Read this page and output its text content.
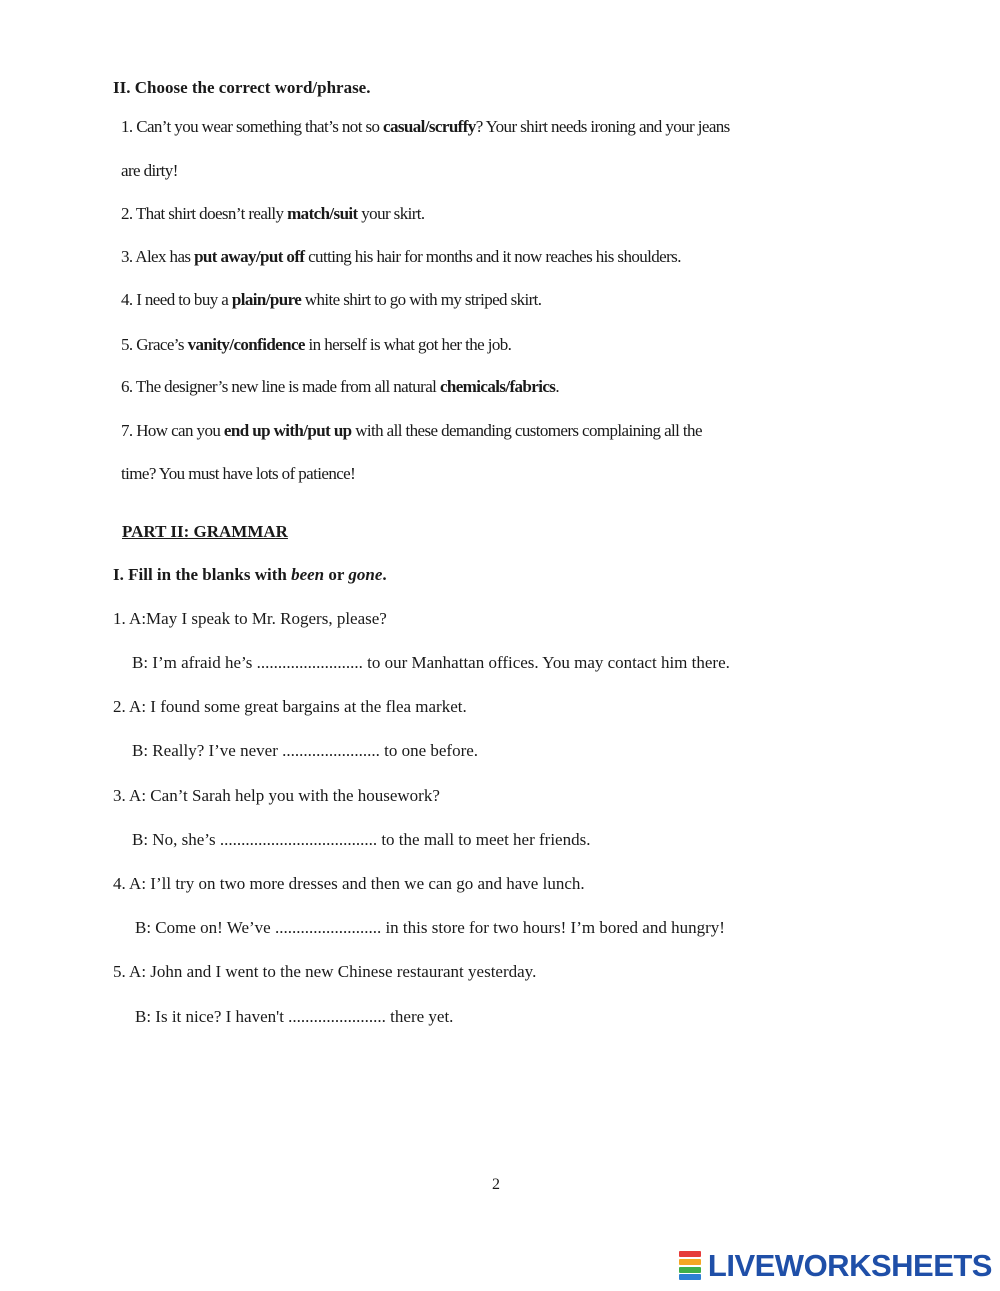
II. Choose the correct word/phrase.
1. Can’t you wear something that’s not so casual/scruffy? Your shirt needs ironing and your jeans
are dirty!
2. That shirt doesn’t really match/suit your skirt.
3. Alex has put away/put off cutting his hair for months and it now reaches his shoulders.
4. I need to buy a plain/pure white shirt to go with my striped skirt.
5. Grace’s vanity/confidence in herself is what got her the job.
6. The designer’s new line is made from all natural chemicals/fabrics.
7. How can you end up with/put up with all these demanding customers complaining all the
time? You must have lots of patience!
PART II: GRAMMAR
I. Fill in the blanks with been or gone.
1. A:May I speak to Mr. Rogers, please?
B: I’m afraid he’s ......................... to our Manhattan offices. You may contact him there.
2. A: I found some great bargains at the flea market.
B: Really? I’ve never ....................... to one before.
3. A: Can’t Sarah help you with the housework?
B: No, she’s ..................................... to the mall to meet her friends.
4. A: I’ll try on two more dresses and then we can go and have lunch.
B: Come on! We’ve ......................... in this store for two hours! I’m bored and hungry!
5. A: John and I went to the new Chinese restaurant yesterday.
B: Is it nice? I haven't ....................... there yet.
2
LIVEWORKSHEETS
